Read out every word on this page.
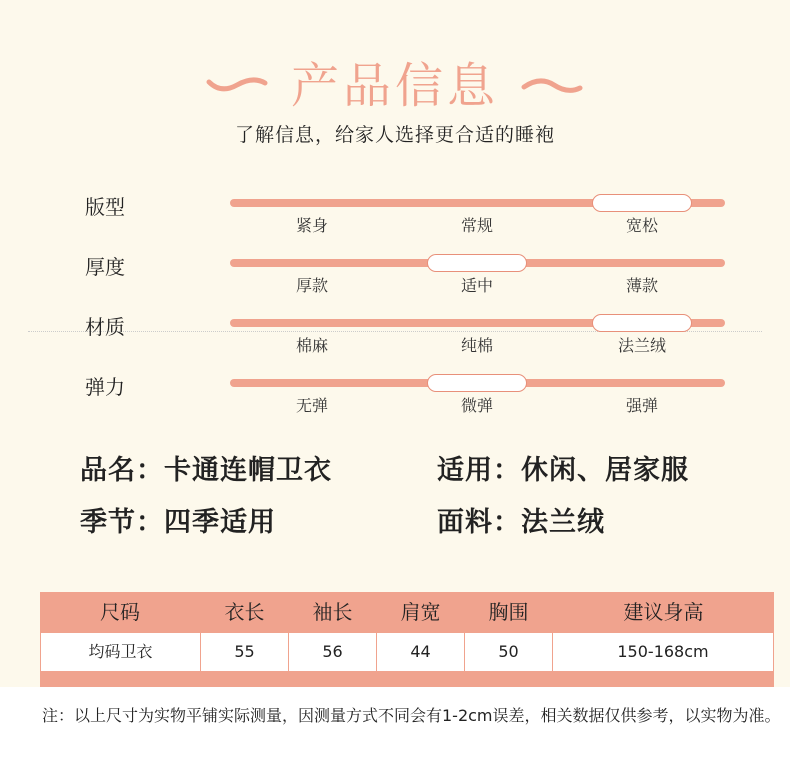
产品信息
了解信息，给家人选择更合适的睡袍
版型
紧身	常规	宽松
厚度
厚款	适中	薄款
材质
棉麻	纯棉	法兰绒
弹力
无弹	微弹	强弹
品名：卡通连帽卫衣	适用：休闲、居家服
季节：四季适用	面料：法兰绒
尺码	衣长	袖长	肩宽	胸围	建议身高
均码卫衣	55	56	44	50	150-168cm
注：以上尺寸为实物平铺实际测量，因测量方式不同会有1-2cm误差，相关数据仅供参考，以实物为准。
